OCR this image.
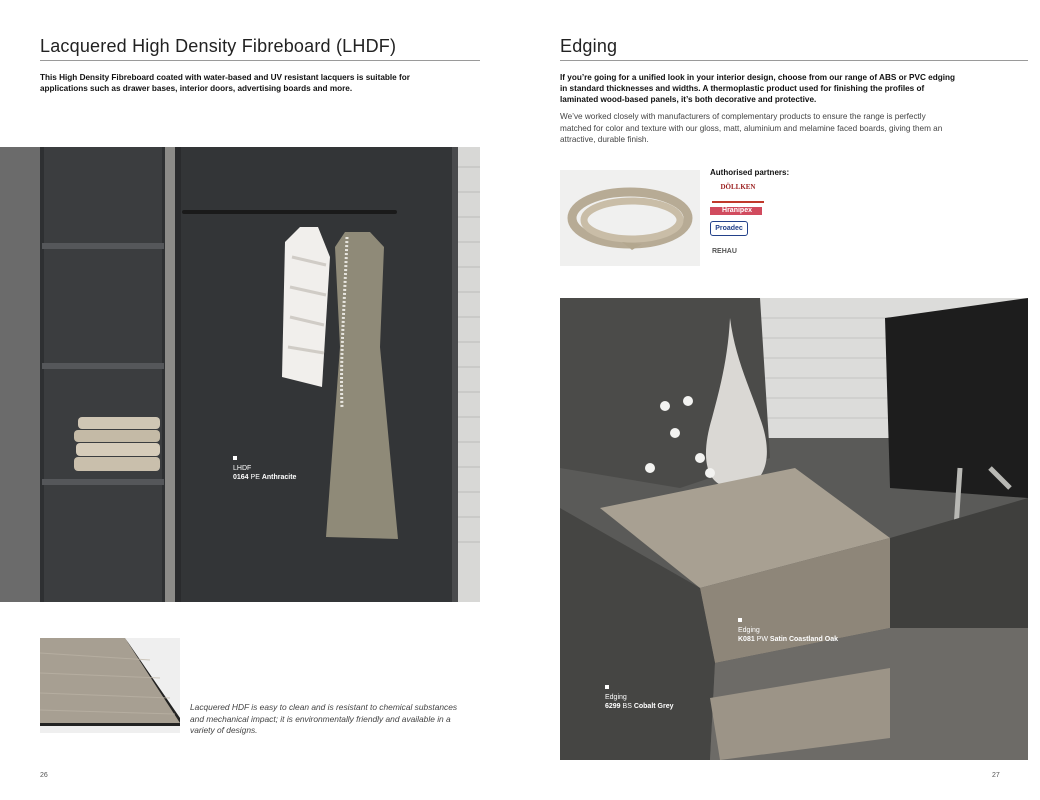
Lacquered High Density Fibreboard (LHDF)

This High Density Fibreboard coated with water-based and UV resistant lacquers is suitable for applications such as drawer bases, interior doors, advertising boards and more.

LHDF
0164 PE Anthracite

Lacquered HDF is easy to clean and is resistant to chemical substances and mechanical impact; it is environmentally friendly and available in a variety of designs.

26
Edging

If you’re going for a unified look in your interior design, choose from our range of ABS or PVC edging in standard thicknesses and widths. A thermoplastic product used for finishing the profiles of laminated wood-based panels, it’s both decorative and protective.

We’ve worked closely with manufacturers of complementary products to ensure the range is perfectly matched for color and texture with our gloss, matt, aluminium and melamine faced boards, giving them an attractive, durable finish.

Authorised partners:
DÖLLKEN
Hranipex
Proadec
REHAU
Edging
K081 PW Satin Coastland Oak
Edging
6299 BS Cobalt Grey
27
